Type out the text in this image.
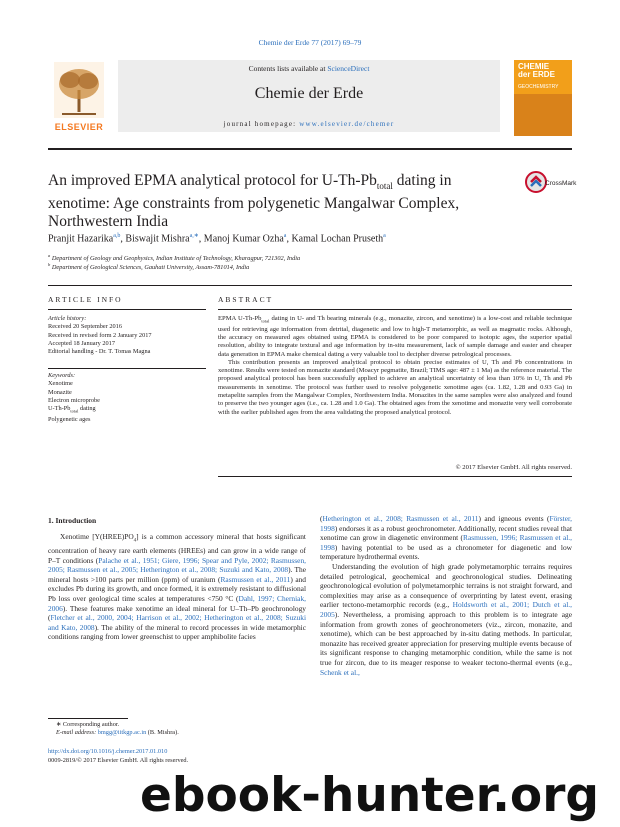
Chemie der Erde 77 (2017) 69–79
ELSEVIER
Contents lists available at ScienceDirect
Chemie der Erde
journal homepage: www.elsevier.de/chemer
CHEMIE
der ERDE
GEOCHEMISTRY
An improved EPMA analytical protocol for $U-Th-Pb_{total}$ dating in xenotime: Age constraints from polygenetic Mangalwar Complex, Northwestern India
CrossMark
Pranjit Hazarika$^{a,b}$, Biswajit Mishra$^{a,∗}$, Manoj Kumar Ozha$^a$, Kamal Lochan Pruseth$^a$
$^a$ Department of Geology and Geophysics, Indian Institute of Technology, Kharagpur, 721302, India
$^b$ Department of Geological Sciences, Gauhati University, Assam-781014, India
ARTICLE INFO	ABSTRACT
Article history:
Received 20 September 2016
Received in revised form 2 January 2017
Accepted 18 January 2017
Editorial handling - Dr. T. Tomas Magna
Keywords:
Xenotime
Monazite
Electron microprobe
$U-Th-Pb_{total}$ dating
Polygenetic ages

EPMA $U-Th-Pb_{total}$ dating in U- and Th bearing minerals (e.g., monazite, zircon, and xenotime) is a low-cost and reliable technique used for retrieving age information from detrital, diagenetic and low to high-T metamorphic, as well as magmatic rocks. Although, the accuracy on measured ages obtained using EPMA is considered to be poor compared to isotopic ages, the superior spatial resolution, ability to integrate textural and age information by in-situ measurement, lack of sample damage and easier and cheaper data generation in EPMA make chemical dating a very valuable tool to decipher diverse petrological processes.

This contribution presents an improved analytical protocol to obtain precise estimates of U, Th and Pb concentrations in xenotime. Results were tested on monazite standard (Moacyr pegmatite, Brazil; TIMS age: 487 ± 1 Ma) as the reference material. The proposed analytical protocol has been successfully applied to achieve an analytical uncertainty of less than 10% in U, Th and Pb measurements in xenotime. The protocol was further used to resolve polygenetic xenotime ages (ca. 1.82, 1.28 and 0.93 Ga) in metapelite samples from the Mangalwar Complex, Northwestern India. Monazites in the same samples were also analyzed and found to preserve the two younger ages (i.e., ca. 1.28 and 1.0 Ga). The obtained ages from the xenotime and monazite very well corroborate with the earlier published ages from the area validating the proposed analytical protocol.

© 2017 Elsevier GmbH. All rights reserved.
1. Introduction

Xenotime $[Y(HREE)PO_4]$ is a common accessory mineral that hosts significant concentration of heavy rare earth elements (HREEs) and can grow in a wide range of P–T conditions (Palache et al., 1951; Giere, 1996; Spear and Pyle, 2002; Rasmussen, 2005; Rasmussen et al., 2005; Hetherington et al., 2008; Suzuki and Kato, 2008). The mineral hosts >100 parts per million (ppm) of uranium (Rasmussen et al., 2011) and excludes Pb during its growth, and once formed, it is extremely resistant to diffusional Pb loss over geological time scales at temperatures <750 °C (Dahl, 1997; Cherniak, 2006). These features make xenotime an ideal mineral for U–Th–Pb geochronology (Fletcher et al., 2000, 2004; Harrison et al., 2002; Hetherington et al., 2008; Suzuki and Kato, 2008). The ability of the mineral to record processes in wide metamorphic conditions ranging from lower greenschist to upper amphibolite facies

(Hetherington et al., 2008; Rasmussen et al., 2011) and igneous events (Förster, 1998) endorses it as a robust geochronometer. Additionally, recent studies reveal that xenotime can grow in diagenetic environment (Rasmussen, 1996; Rasmussen et al., 1998) having potential to be used as a chronometer for diagenetic and low temperature hydrothermal events.

Understanding the evolution of high grade polymetamorphic terrains requires detailed petrological, geochemical and geochronological studies. Delineating geochronological evolution of polymetamorphic terrains is not straight forward, and complexities may arise as a consequence of overprinting by latest event, erasing earlier tectono-metamorphic records (e.g., Holdsworth et al., 2001; Dutch et al., 2005). Nevertheless, a promising approach to this problem is to integrate age information from growth zones of geochronometers (viz., zircon, monazite, and xenotime), which can be best approached by in-situ dating methods. In particular, monazite has received greater appreciation for preserving multiple events because of its significant response to changing metamorphic condition, while the same is not true for zircon, due to its meager response to weaker tectono-thermal events (e.g., Schenk et al.,

∗ Corresponding author.
E-mail address: bmgg@iitkgp.ac.in (B. Mishra).
http://dx.doi.org/10.1016/j.chemer.2017.01.010
0009-2819/© 2017 Elsevier GmbH. All rights reserved.
ebook-hunter.org
